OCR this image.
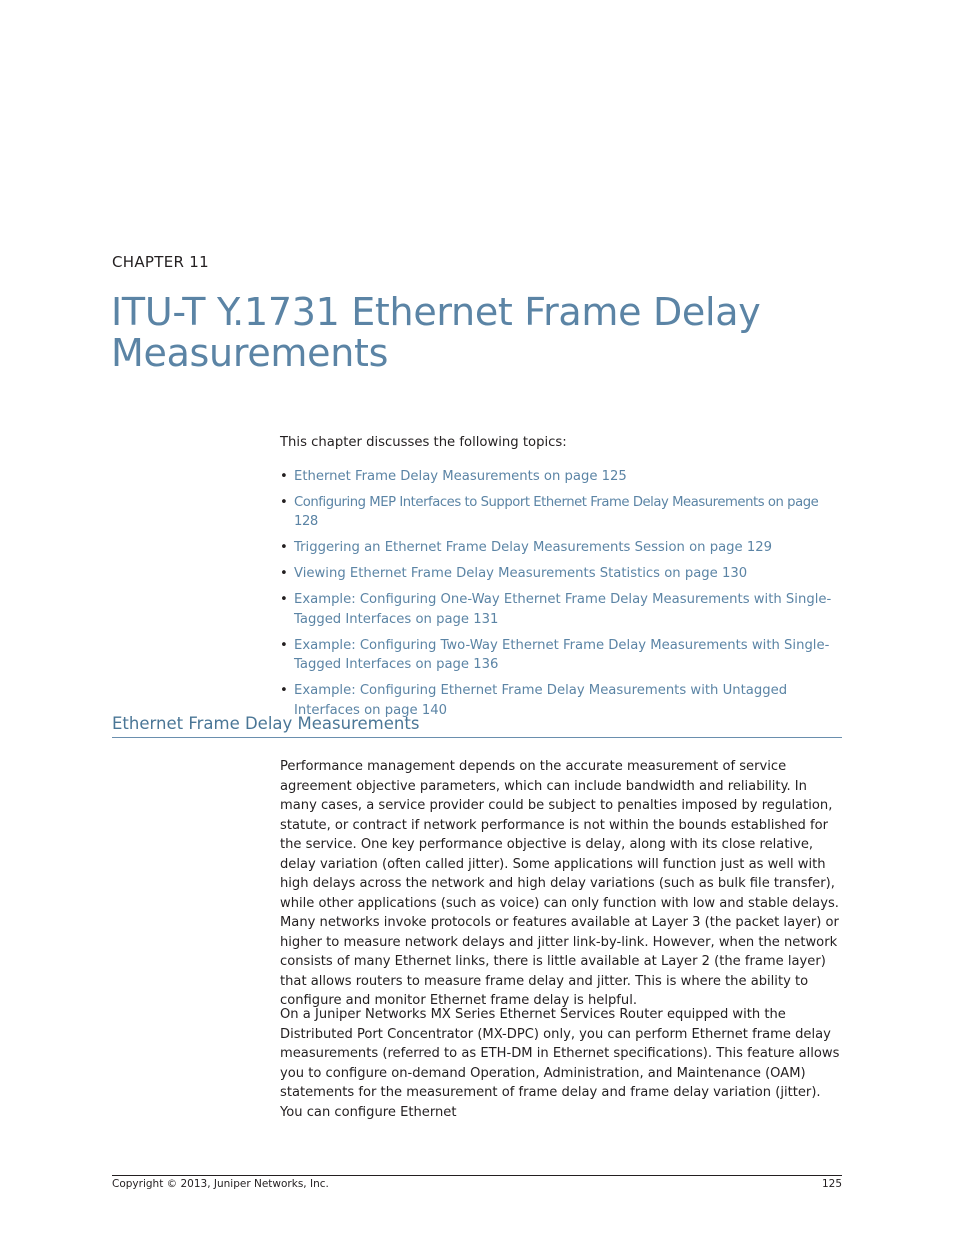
CHAPTER 11
ITU-T Y.1731 Ethernet Frame Delay Measurements

This chapter discusses the following topics:

• Ethernet Frame Delay Measurements on page 125
• Configuring MEP Interfaces to Support Ethernet Frame Delay Measurements on page 128
• Triggering an Ethernet Frame Delay Measurements Session on page 129
• Viewing Ethernet Frame Delay Measurements Statistics on page 130
• Example: Configuring One-Way Ethernet Frame Delay Measurements with Single-Tagged Interfaces on page 131
• Example: Configuring Two-Way Ethernet Frame Delay Measurements with Single-Tagged Interfaces on page 136
• Example: Configuring Ethernet Frame Delay Measurements with Untagged Interfaces on page 140
Ethernet Frame Delay Measurements

Performance management depends on the accurate measurement of service agreement objective parameters, which can include bandwidth and reliability. In many cases, a service provider could be subject to penalties imposed by regulation, statute, or contract if network performance is not within the bounds established for the service. One key performance objective is delay, along with its close relative, delay variation (often called jitter). Some applications will function just as well with high delays across the network and high delay variations (such as bulk file transfer), while other applications (such as voice) can only function with low and stable delays. Many networks invoke protocols or features available at Layer 3 (the packet layer) or higher to measure network delays and jitter link-by-link. However, when the network consists of many Ethernet links, there is little available at Layer 2 (the frame layer) that allows routers to measure frame delay and jitter. This is where the ability to configure and monitor Ethernet frame delay is helpful.

On a Juniper Networks MX Series Ethernet Services Router equipped with the Distributed Port Concentrator (MX-DPC) only, you can perform Ethernet frame delay measurements (referred to as ETH-DM in Ethernet specifications). This feature allows you to configure on-demand Operation, Administration, and Maintenance (OAM) statements for the measurement of frame delay and frame delay variation (jitter). You can configure Ethernet

Copyright © 2013, Juniper Networks, Inc.	125
